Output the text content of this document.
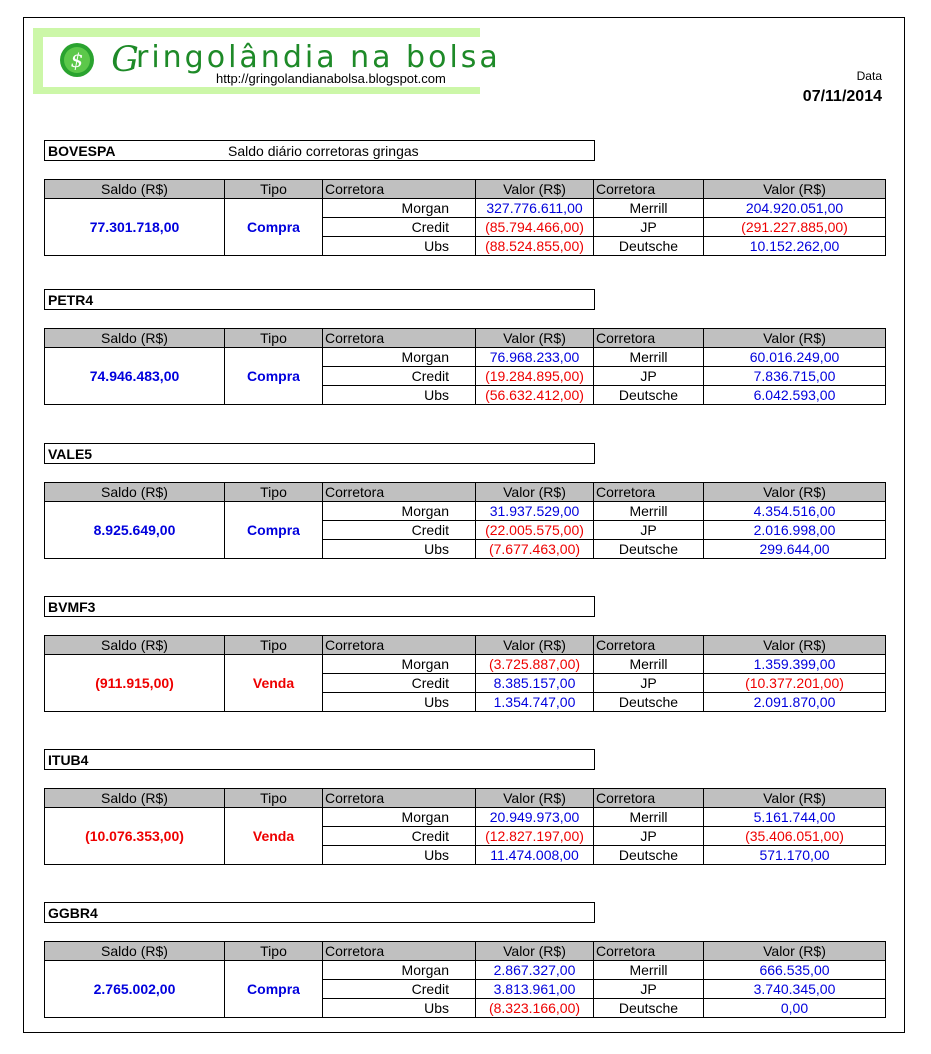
$ G
ringolândia na bolsa
http://gringolandianabolsa.blogspot.com	Data
07/11/2014
BOVESPA	Saldo diário corretoras gringas
Saldo (R$)	Tipo	Corretora	Valor (R$)	Corretora	Valor (R$)
77.301.718,00	Compra	Morgan	327.776.611,00	Merrill	204.920.051,00
		Credit	(85.794.466,00)	JP	(291.227.885,00)
		Ubs	(88.524.855,00)	Deutsche	10.152.262,00
PETR4
Saldo (R$)	Tipo	Corretora	Valor (R$)	Corretora	Valor (R$)
74.946.483,00	Compra	Morgan	76.968.233,00	Merrill	60.016.249,00
		Credit	(19.284.895,00)	JP	7.836.715,00
		Ubs	(56.632.412,00)	Deutsche	6.042.593,00
VALE5
Saldo (R$)	Tipo	Corretora	Valor (R$)	Corretora	Valor (R$)
8.925.649,00	Compra	Morgan	31.937.529,00	Merrill	4.354.516,00
		Credit	(22.005.575,00)	JP	2.016.998,00
		Ubs	(7.677.463,00)	Deutsche	299.644,00
BVMF3
Saldo (R$)	Tipo	Corretora	Valor (R$)	Corretora	Valor (R$)
(911.915,00)	Venda	Morgan	(3.725.887,00)	Merrill	1.359.399,00
		Credit	8.385.157,00	JP	(10.377.201,00)
		Ubs	1.354.747,00	Deutsche	2.091.870,00
ITUB4
Saldo (R$)	Tipo	Corretora	Valor (R$)	Corretora	Valor (R$)
(10.076.353,00)	Venda	Morgan	20.949.973,00	Merrill	5.161.744,00
		Credit	(12.827.197,00)	JP	(35.406.051,00)
		Ubs	11.474.008,00	Deutsche	571.170,00
GGBR4
Saldo (R$)	Tipo	Corretora	Valor (R$)	Corretora	Valor (R$)
2.765.002,00	Compra	Morgan	2.867.327,00	Merrill	666.535,00
		Credit	3.813.961,00	JP	3.740.345,00
		Ubs	(8.323.166,00)	Deutsche	0,00
